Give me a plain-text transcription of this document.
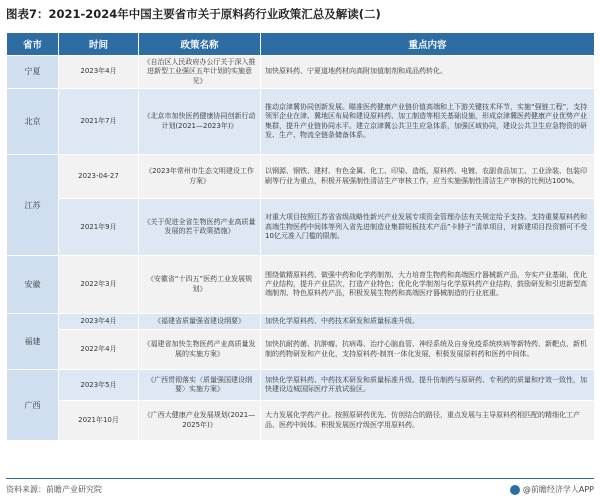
图表7：2021-2024年中国主要省市关于原料药行业政策汇总及解读(二)
省市	时间	政策名称	重点内容
宁夏	2023年4月	《自治区人民政府办公厅关于深入推进新型工业强区五年计划的实施意见》	加快原料药、宁夏道地药材向高附加值制剂和成品药转化。
北京	2021年7月	《北京市加快医药健康协同创新行动计划(2021—2023年)》	推动京津冀协同创新发展。瞄准医药健康产业链价值高端和上下游关键技术环节，实施“强链工程”，支持领军企业在津、冀地区布局和建设原料药、加工制造等相关基础设施，形成京津冀医药健康产业优势产业集群，提升产业链协同水平。建立京津冀公共卫生应急体系，加强区域协同，建设公共卫生应急物资的研发、生产、物流全链条储备体系。
江苏	2023-04-27	《2023年常州市生态文明建设工作方案》	以钢源、钢铁、建材、有色金属、化工、印染、造纸、原料药、电镀、农副食品加工、工业涂装、包装印刷等行业为重点，积极开展强制性清洁生产审核工作，应当实施强制性清洁生产审核的比例达100%。
	2021年9月	《关于促进全省生物医药产业高质量发展的若干政策措施》	对重大项目按照江苏省省级战略性新兴产业发展专项资金管理办法有关规定给予支持。支持重要原料药和高端生物医药中间体等列入省先进制造业集群短板技术产品”卡脖子”清单项目，对新建项目投资额可不受10亿元准入门槛的限制。
安徽	2022年3月	《安徽省“十四五”医药工业发展规划》	围绕做精原料药、做强中药和化学药制剂、大力培育生物药和高端医疗器械新产品，夯实产业基础，优化产业结构，提升产业层次，打造产业特色；优化化学制剂与化学原料药产业结构，鼓励研发和引进新型高端制剂、特色原料药产品，积极发展生物药和高端医疗器械制造的行业底重。
福建	2023年4月	《福建省质量强省建设纲要》	加快化学原料药、中药技术研发和质量标准升级。
	2022年4月	《福建省加快生物医药产业高质量发展的实施方案》	加快抗耐药菌、抗肿瘤、抗病毒、治疗心脑血管、神经系统及自身免疫系统疾病等新特药、新靶点、新机制的药物研发和产业化，支持原料药-制剂一体化发展，积极发展原料药和医药中间体。
广西	2023年5月	《广西贯彻落实〈质量强国建设纲要〉实施方案》	加快化学原料药、中药技术研发和质量标准升级。提升仿制药与原研药、专利药的质量和疗效一致性，加快建设边城国际医疗开放试验区。
	2021年10月	《广西大健康产业发展规划(2021—2025年)》	大力发展化学药产业。按照原研药优先、仿创结合的路径，重点发展与主导原料药相匹配的精细化工产品、医药中间体。积极发展医疗级医学用原料药。
资料来源：前瞻产业研究院	@前瞻经济学人APP
